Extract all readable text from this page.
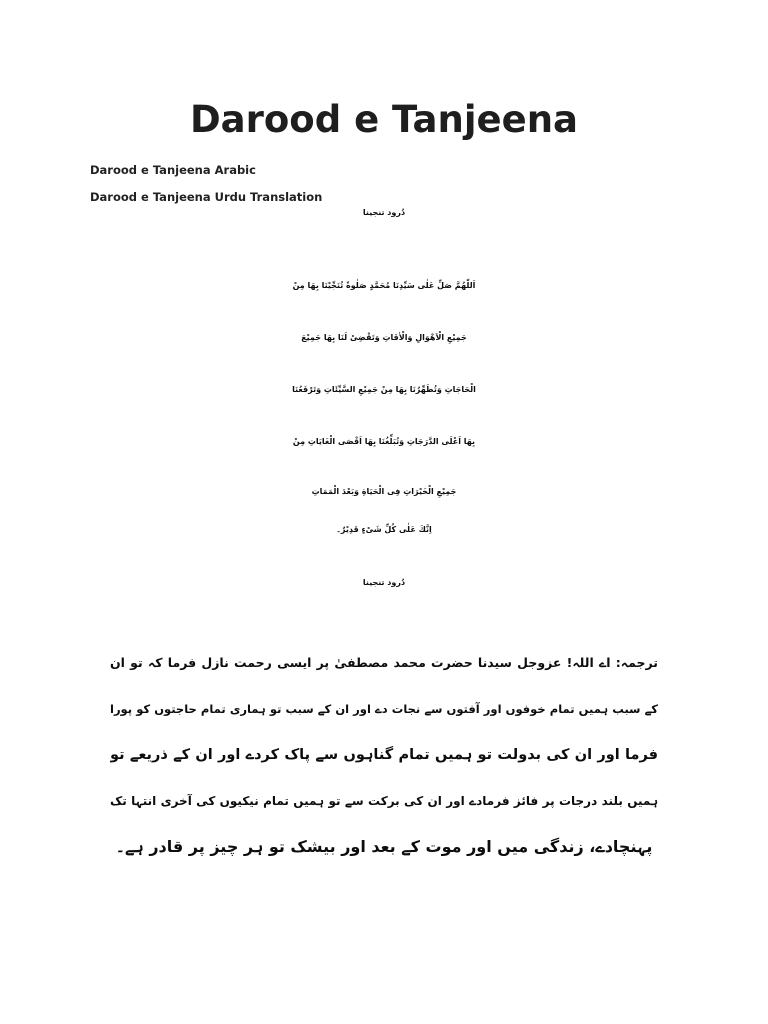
Darood e Tanjeena
Darood e Tanjeena Arabic
Darood e Tanjeena Urdu Translation
دُرود تنجینا
اَللّٰهُمَّ صَلِّ عَلٰى سَيِّدِنَا مُحَمَّدٍ صَلٰوةً تُنَجِّيْنَا بِهَا مِنْ
جَمِيْعِ الْاَهْوَالِ وَالْاٰفَاتِ وَتَقْضِىْ لَنَا بِهَا جَمِيْعَ
الْحَاجَاتِ وَتُطَهِّرُنَا بِهَا مِنْ جَمِيْعِ السَّيِّئَاتِ وَتَرْفَعُنَا
بِهَا اَعْلَى الدَّرَجَاتِ وَتُبَلِّغُنَا بِهَا اَقْصَى الْغَايَاتِ مِنْ
جَمِيْعِ الْخَيْرَاتِ فِى الْحَيَاةِ وَبَعْدَ الْمَمَاتِ
اِنَّكَ عَلٰى كُلِّ شَىْءٍ قَدِيْرٌ۔
دُرود تنجینا
ترجمہ: اے اللہ! عزوجل سیدنا حضرت محمد مصطفیٰ پر ایسی رحمت نازل فرما کہ تو ان
کے سبب ہمیں تمام خوفوں اور آفتوں سے نجات دے اور ان کے سبب تو ہماری تمام حاجتوں کو پورا
فرما اور ان کی بدولت تو ہمیں تمام گناہوں سے پاک کردے اور ان کے ذریعے تو
ہمیں بلند درجات پر فائز فرمادے اور ان کی برکت سے تو ہمیں تمام نیکیوں کی آخری انتہا تک
پہنچادے، زندگی میں اور موت کے بعد اور بیشک تو ہر چیز پر قادر ہے۔
